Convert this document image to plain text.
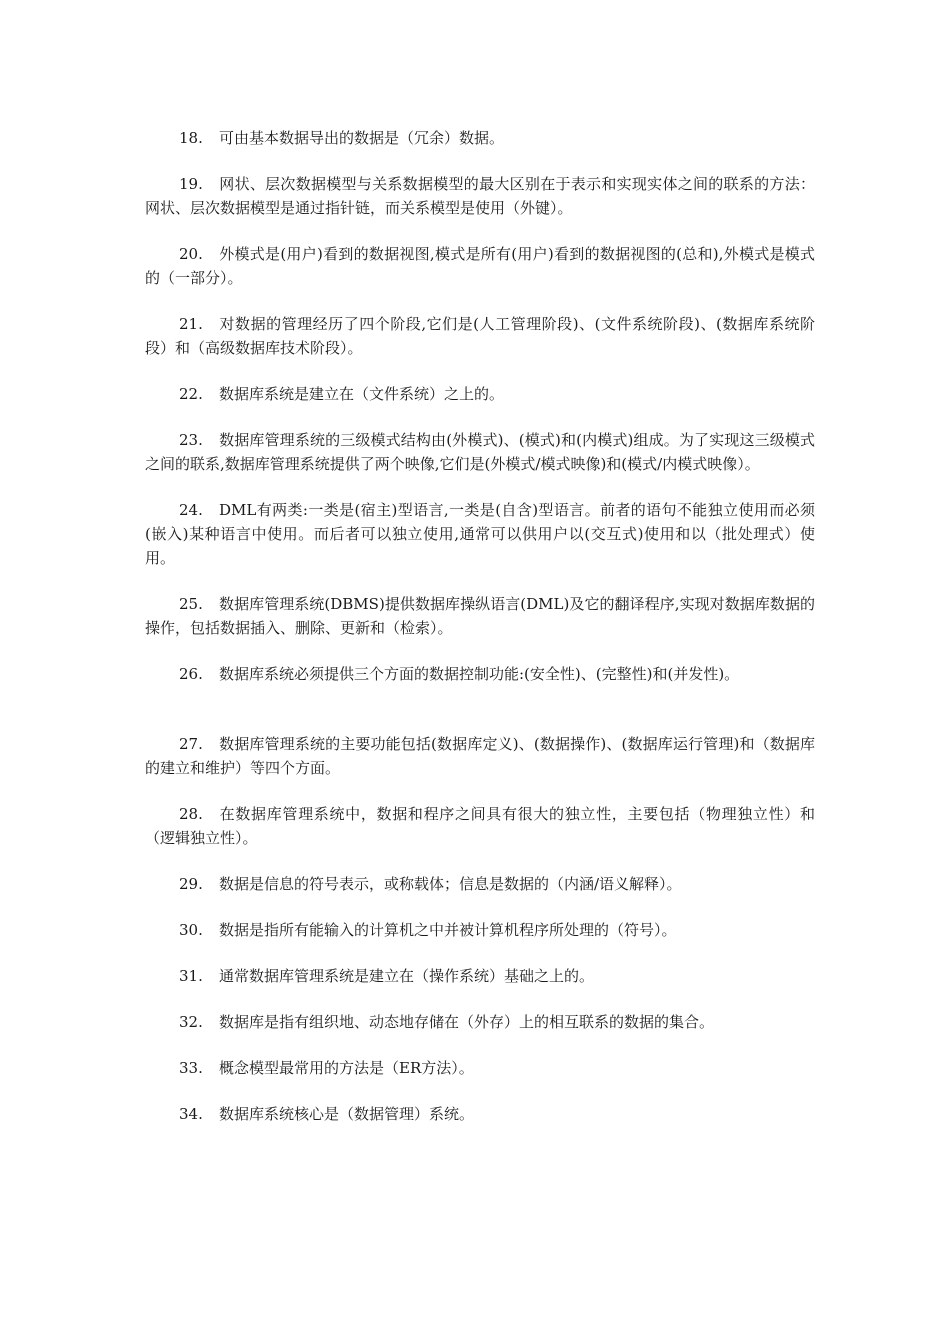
18. 可由基本数据导出的数据是（冗余）数据。

19. 网状、层次数据模型与关系数据模型的最大区别在于表示和实现实体之间的联系的方法：网状、层次数据模型是通过指针链，而关系模型是使用（外键）。

20. 外模式是(用户)看到的数据视图,模式是所有(用户)看到的数据视图的(总和),外模式是模式的（一部分）。

21. 对数据的管理经历了四个阶段,它们是(人工管理阶段)、(文件系统阶段)、(数据库系统阶段）和（高级数据库技术阶段）。

22. 数据库系统是建立在（文件系统）之上的。

23. 数据库管理系统的三级模式结构由(外模式)、(模式)和(内模式)组成。为了实现这三级模式之间的联系,数据库管理系统提供了两个映像,它们是(外模式/模式映像)和(模式/内模式映像）。

24. DML有两类:一类是(宿主)型语言,一类是(自含)型语言。前者的语句不能独立使用而必须(嵌入)某种语言中使用。而后者可以独立使用,通常可以供用户以(交互式)使用和以（批处理式）使用。

25. 数据库管理系统(DBMS)提供数据库操纵语言(DML)及它的翻译程序,实现对数据库数据的操作，包括数据插入、删除、更新和（检索）。

26. 数据库系统必须提供三个方面的数据控制功能:(安全性)、(完整性)和(并发性)。

27. 数据库管理系统的主要功能包括(数据库定义)、(数据操作)、(数据库运行管理)和（数据库的建立和维护）等四个方面。

28. 在数据库管理系统中，数据和程序之间具有很大的独立性，主要包括（物理独立性）和（逻辑独立性）。

29. 数据是信息的符号表示，或称载体；信息是数据的（内涵/语义解释）。

30. 数据是指所有能输入的计算机之中并被计算机程序所处理的（符号）。

31. 通常数据库管理系统是建立在（操作系统）基础之上的。

32. 数据库是指有组织地、动态地存储在（外存）上的相互联系的数据的集合。

33. 概念模型最常用的方法是（ER方法）。

34. 数据库系统核心是（数据管理）系统。
